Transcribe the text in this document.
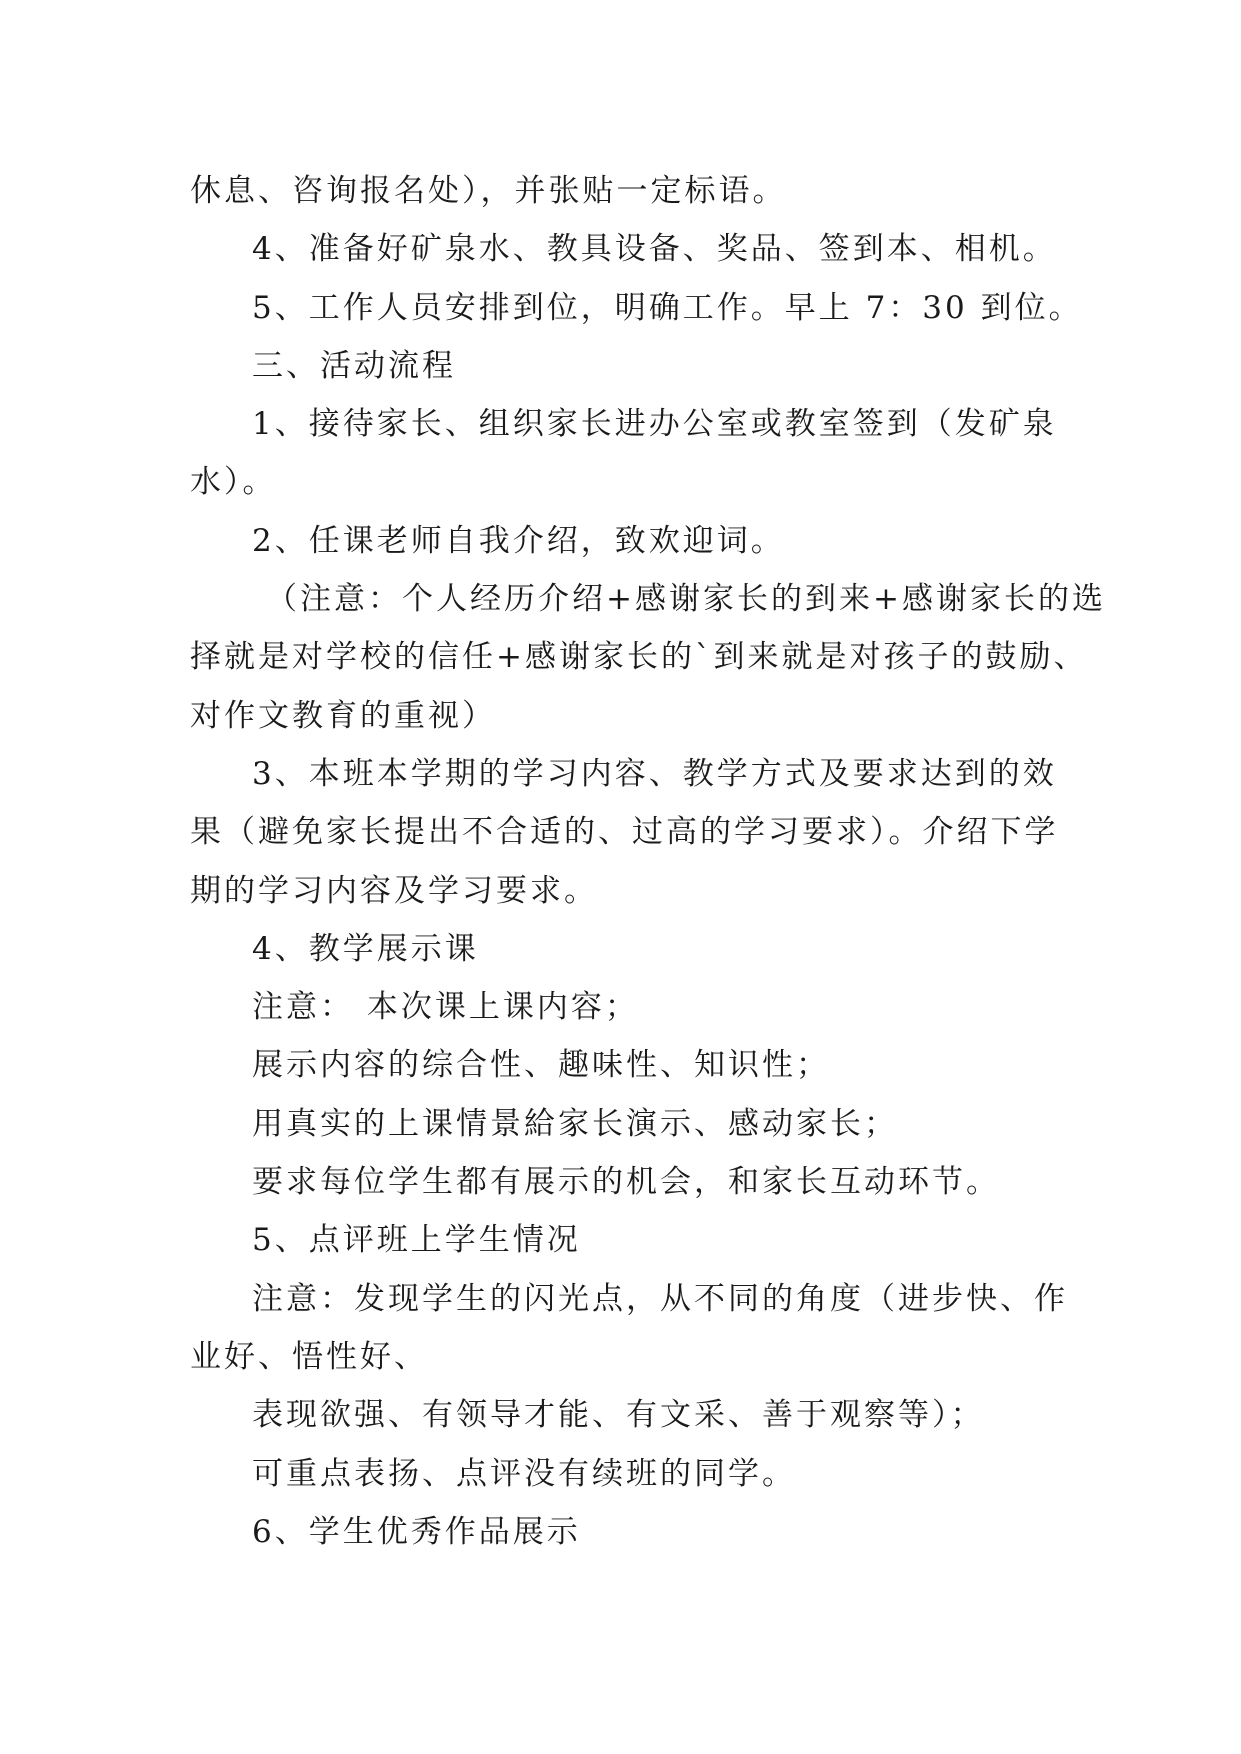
休息、咨询报名处），并张贴一定标语。

4、准备好矿泉水、教具设备、奖品、签到本、相机。

5、工作人员安排到位，明确工作。早上 7：30 到位。

三、活动流程

1、接待家长、组织家长进办公室或教室签到（发矿泉

水）。

2、任课老师自我介绍，致欢迎词。

（注意：个人经历介绍+感谢家长的到来+感谢家长的选

择就是对学校的信任+感谢家长的`到来就是对孩子的鼓励、

对作文教育的重视）

3、本班本学期的学习内容、教学方式及要求达到的效

果（避免家长提出不合适的、过高的学习要求）。介绍下学

期的学习内容及学习要求。

4、教学展示课

注意： 本次课上课内容；

展示内容的综合性、趣味性、知识性；

用真实的上课情景給家长演示、感动家长；

要求每位学生都有展示的机会，和家长互动环节。

5、点评班上学生情况

注意：发现学生的闪光点，从不同的角度（进步快、作

业好、悟性好、

表现欲强、有领导才能、有文采、善于观察等）；

可重点表扬、点评没有续班的同学。

6、学生优秀作品展示
